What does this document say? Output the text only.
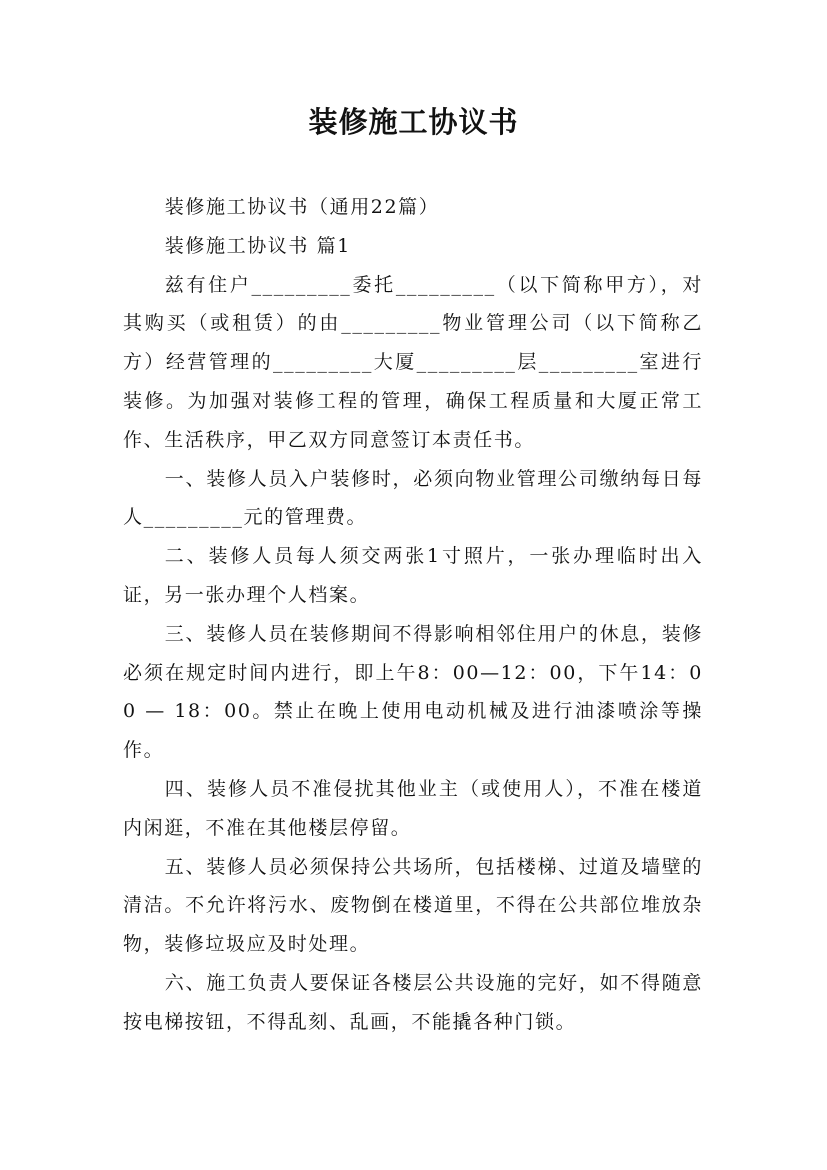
装修施工协议书

装修施工协议书（通用22篇）

装修施工协议书 篇1

兹有住户_________委托_________（以下简称甲方），对其购买（或租赁）的由_________物业管理公司（以下简称乙方）经营管理的_________大厦_________层_________室进行装修。为加强对装修工程的管理，确保工程质量和大厦正常工作、生活秩序，甲乙双方同意签订本责任书。

一、装修人员入户装修时，必须向物业管理公司缴纳每日每人_________元的管理费。

二、装修人员每人须交两张1寸照片，一张办理临时出入证，另一张办理个人档案。

三、装修人员在装修期间不得影响相邻住用户的休息，装修必须在规定时间内进行，即上午8：00—12：00，下午14：00 — 18：00。禁止在晚上使用电动机械及进行油漆喷涂等操作。

四、装修人员不准侵扰其他业主（或使用人），不准在楼道内闲逛，不准在其他楼层停留。

五、装修人员必须保持公共场所，包括楼梯、过道及墙壁的清洁。不允许将污水、废物倒在楼道里，不得在公共部位堆放杂物，装修垃圾应及时处理。

六、施工负责人要保证各楼层公共设施的完好，如不得随意按电梯按钮，不得乱刻、乱画，不能撬各种门锁。
